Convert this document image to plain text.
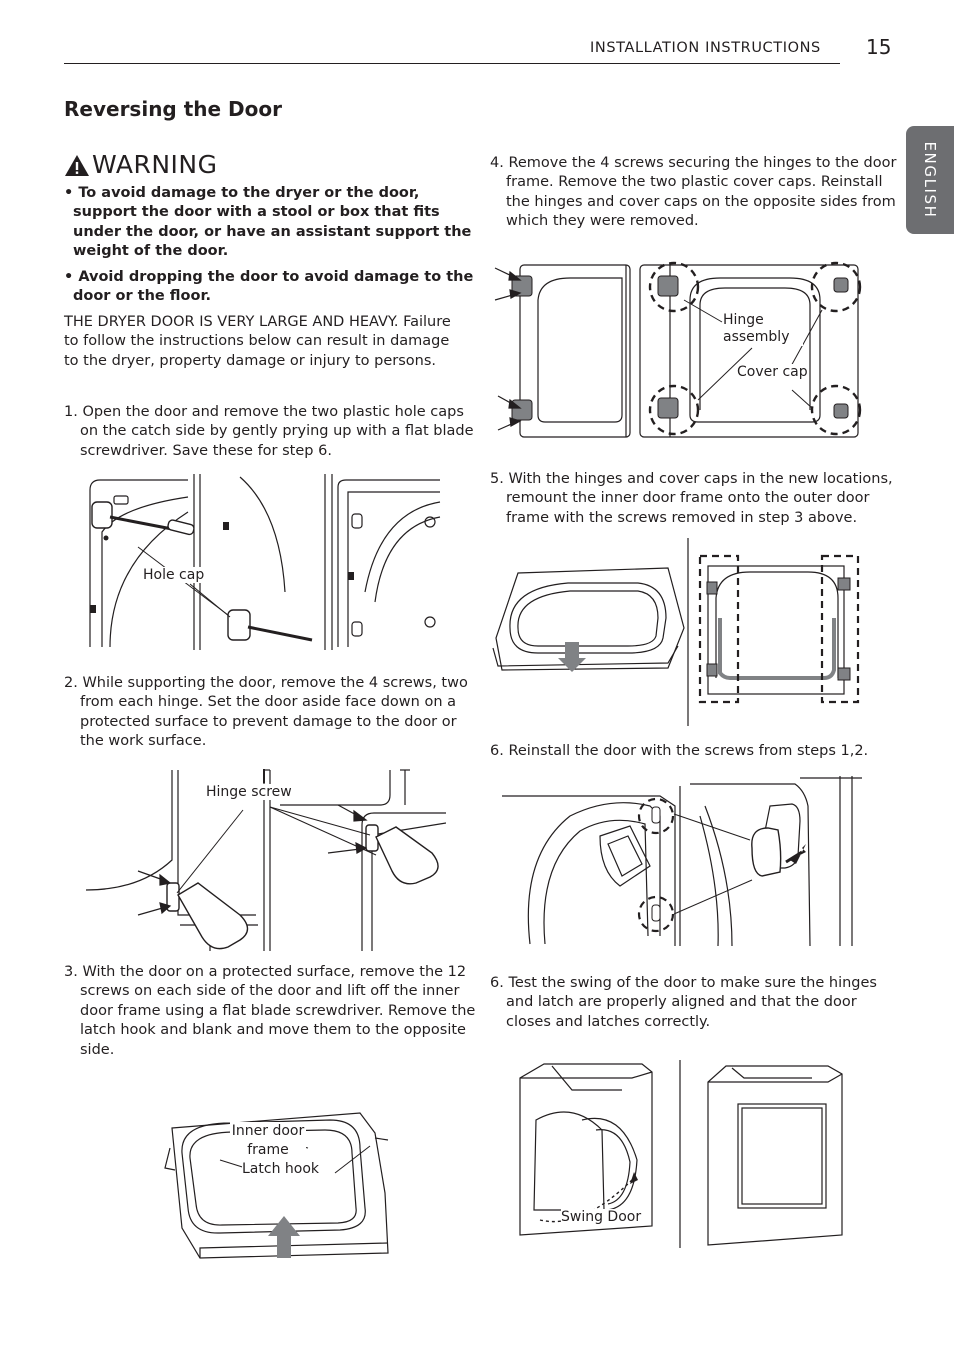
INSTALLATION INSTRUCTIONS 15
ENGLISH
Reversing the Door
WARNING
• To avoid damage to the dryer or the door, support the door with a stool or box that fits under the door, or have an assistant support the weight of the door.
• Avoid dropping the door to avoid damage to the door or the floor.
THE DRYER DOOR IS VERY LARGE AND HEAVY. Failure to follow the instructions below can result in damage to the dryer, property damage or injury to persons.
1. Open the door and remove the two plastic hole caps on the catch side by gently prying up with a flat blade screwdriver. Save these for step 6.
Hole cap
2. While supporting the door, remove the 4 screws, two from each hinge. Set the door aside face down on a protected surface to prevent damage to the door or the work surface.
Hinge screw
3. With the door on a protected surface, remove the 12 screws on each side of the door and lift off the inner door frame using a flat blade screwdriver. Remove the latch hook and blank and move them to the opposite side.
Inner door frame
Latch hook
4. Remove the 4 screws securing the hinges to the door frame. Remove the two plastic cover caps. Reinstall the hinges and cover caps on the opposite sides from which they were removed.
Hinge assembly
Cover cap
5. With the hinges and cover caps in the new locations, remount the inner door frame onto the outer door frame with the screws removed in step 3 above.
6. Reinstall the door with the screws from steps 1,2.
6. Test the swing of the door to make sure the hinges and latch are properly aligned and that the door closes and latches correctly.
Swing Door
